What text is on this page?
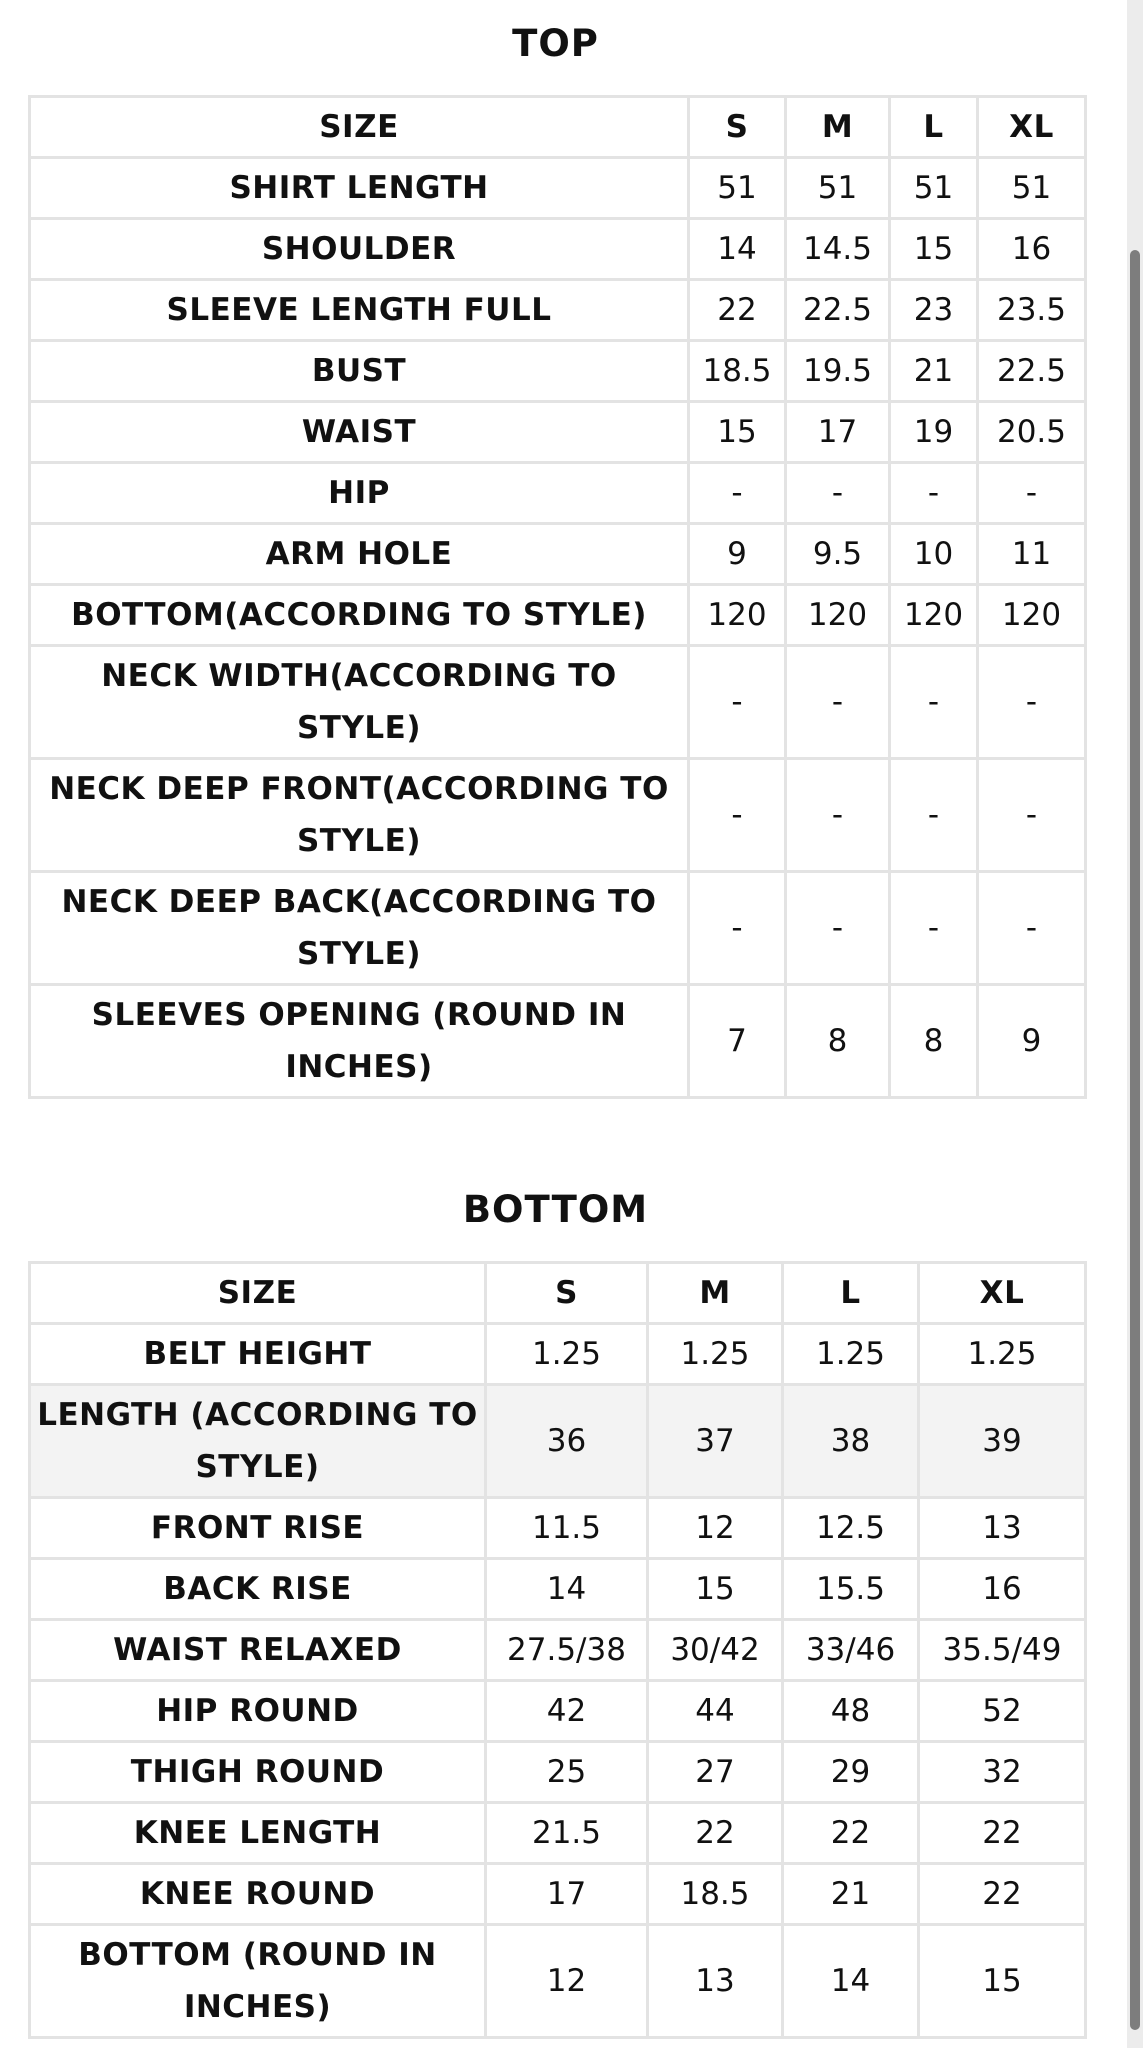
TOP
SIZE	S	M	L	XL
SHIRT LENGTH	51	51	51	51
SHOULDER	14	14.5	15	16
SLEEVE LENGTH FULL	22	22.5	23	23.5
BUST	18.5	19.5	21	22.5
WAIST	15	17	19	20.5
HIP	-	-	-	-
ARM HOLE	9	9.5	10	11
BOTTOM(ACCORDING TO STYLE)	120	120	120	120
NECK WIDTH(ACCORDING TO STYLE)	-	-	-	-
NECK DEEP FRONT(ACCORDING TO STYLE)	-	-	-	-
NECK DEEP BACK(ACCORDING TO STYLE)	-	-	-	-
SLEEVES OPENING (ROUND IN INCHES)	7	8	8	9
BOTTOM
SIZE	S	M	L	XL
BELT HEIGHT	1.25	1.25	1.25	1.25
LENGTH (ACCORDING TO STYLE)	36	37	38	39
FRONT RISE	11.5	12	12.5	13
BACK RISE	14	15	15.5	16
WAIST RELAXED	27.5/38	30/42	33/46	35.5/49
HIP ROUND	42	44	48	52
THIGH ROUND	25	27	29	32
KNEE LENGTH	21.5	22	22	22
KNEE ROUND	17	18.5	21	22
BOTTOM (ROUND IN INCHES)	12	13	14	15
